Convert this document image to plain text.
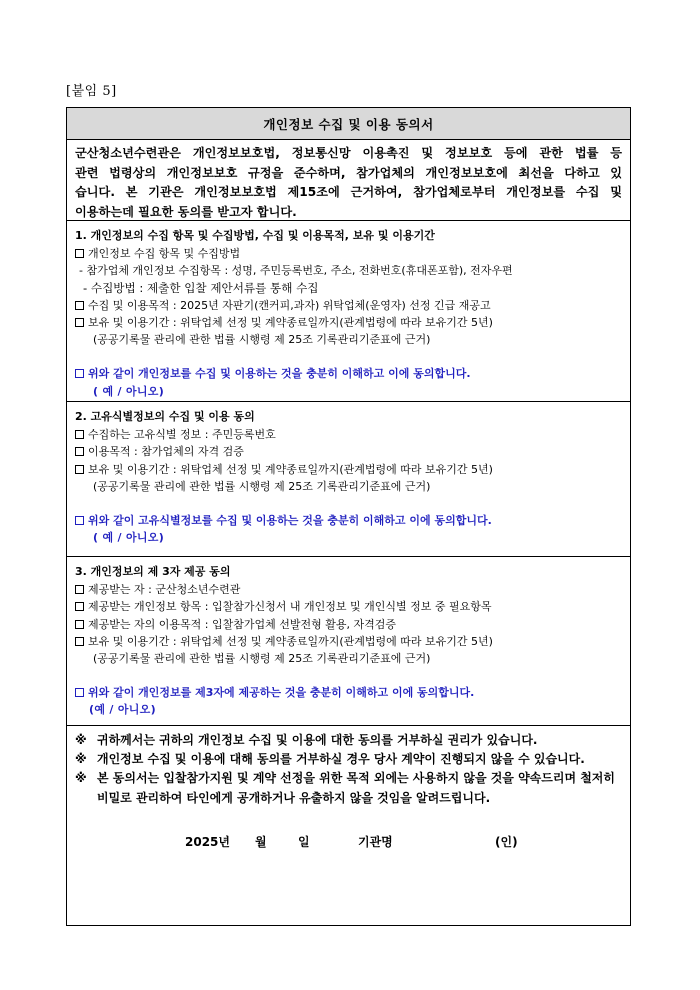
[붙임 5]
개인정보 수집 및 이용 동의서
군산청소년수련관은 개인정보보호법, 정보통신망 이용촉진 및 정보보호 등에 관한 법률 등
관련 법령상의 개인정보보호 규정을 준수하며, 참가업체의 개인정보보호에 최선을 다하고 있
습니다. 본 기관은 개인정보보호법 제15조에 근거하여, 참가업체로부터 개인정보를 수집 및
이용하는데 필요한 동의를 받고자 합니다.
1. 개인정보의 수집 항목 및 수집방법, 수집 및 이용목적, 보유 및 이용기간
개인정보 수집 항목 및 수집방법
- 참가업체 개인정보 수집항목 : 성명, 주민등록번호, 주소, 전화번호(휴대폰포함), 전자우편
- 수집방법 : 제출한 입찰 제안서류를 통해 수집
수집 및 이용목적 : 2025년 자판기(캔커피,과자) 위탁업체(운영자) 선정 긴급 재공고
보유 및 이용기간 : 위탁업체 선정 및 계약종료일까지(관계법령에 따라 보유기간 5년)
(공공기록물 관리에 관한 법률 시행령 제 25조 기록관리기준표에 근거)
위와 같이 개인정보를 수집 및 이용하는 것을 충분히 이해하고 이에 동의합니다.
( 예 / 아니오)
2. 고유식별정보의 수집 및 이용 동의
수집하는 고유식별 정보 : 주민등록번호
이용목적 : 참가업체의 자격 검증
보유 및 이용기간 : 위탁업체 선정 및 계약종료일까지(관계법령에 따라 보유기간 5년)
(공공기록물 관리에 관한 법률 시행령 제 25조 기록관리기준표에 근거)
위와 같이 고유식별정보를 수집 및 이용하는 것을 충분히 이해하고 이에 동의합니다.
( 예 / 아니오)
3. 개인정보의 제 3자 제공 동의
제공받는 자 : 군산청소년수련관
제공받는 개인정보 항목 : 입찰참가신청서 내 개인정보 및 개인식별 정보 중 필요항목
제공받는 자의 이용목적 : 입찰참가업체 선발전형 활용, 자격검증
보유 및 이용기간 : 위탁업체 선정 및 계약종료일까지(관계법령에 따라 보유기간 5년)
(공공기록물 관리에 관한 법률 시행령 제 25조 기록관리기준표에 근거)
위와 같이 개인정보를 제3자에 제공하는 것을 충분히 이해하고 이에 동의합니다.
(예 / 아니오)
※ 귀하께서는 귀하의 개인정보 수집 및 이용에 대한 동의를 거부하실 권리가 있습니다.
※ 개인정보 수집 및 이용에 대해 동의를 거부하실 경우 당사 계약이 진행되지 않을 수 있습니다.
※ 본 동의서는 입찰참가지원 및 계약 선정을 위한 목적 외에는 사용하지 않을 것을 약속드리며 철저히 비밀로 관리하여 타인에게 공개하거나 유출하지 않을 것임을 알려드립니다.
2025년 월	일	기관명	(인)
